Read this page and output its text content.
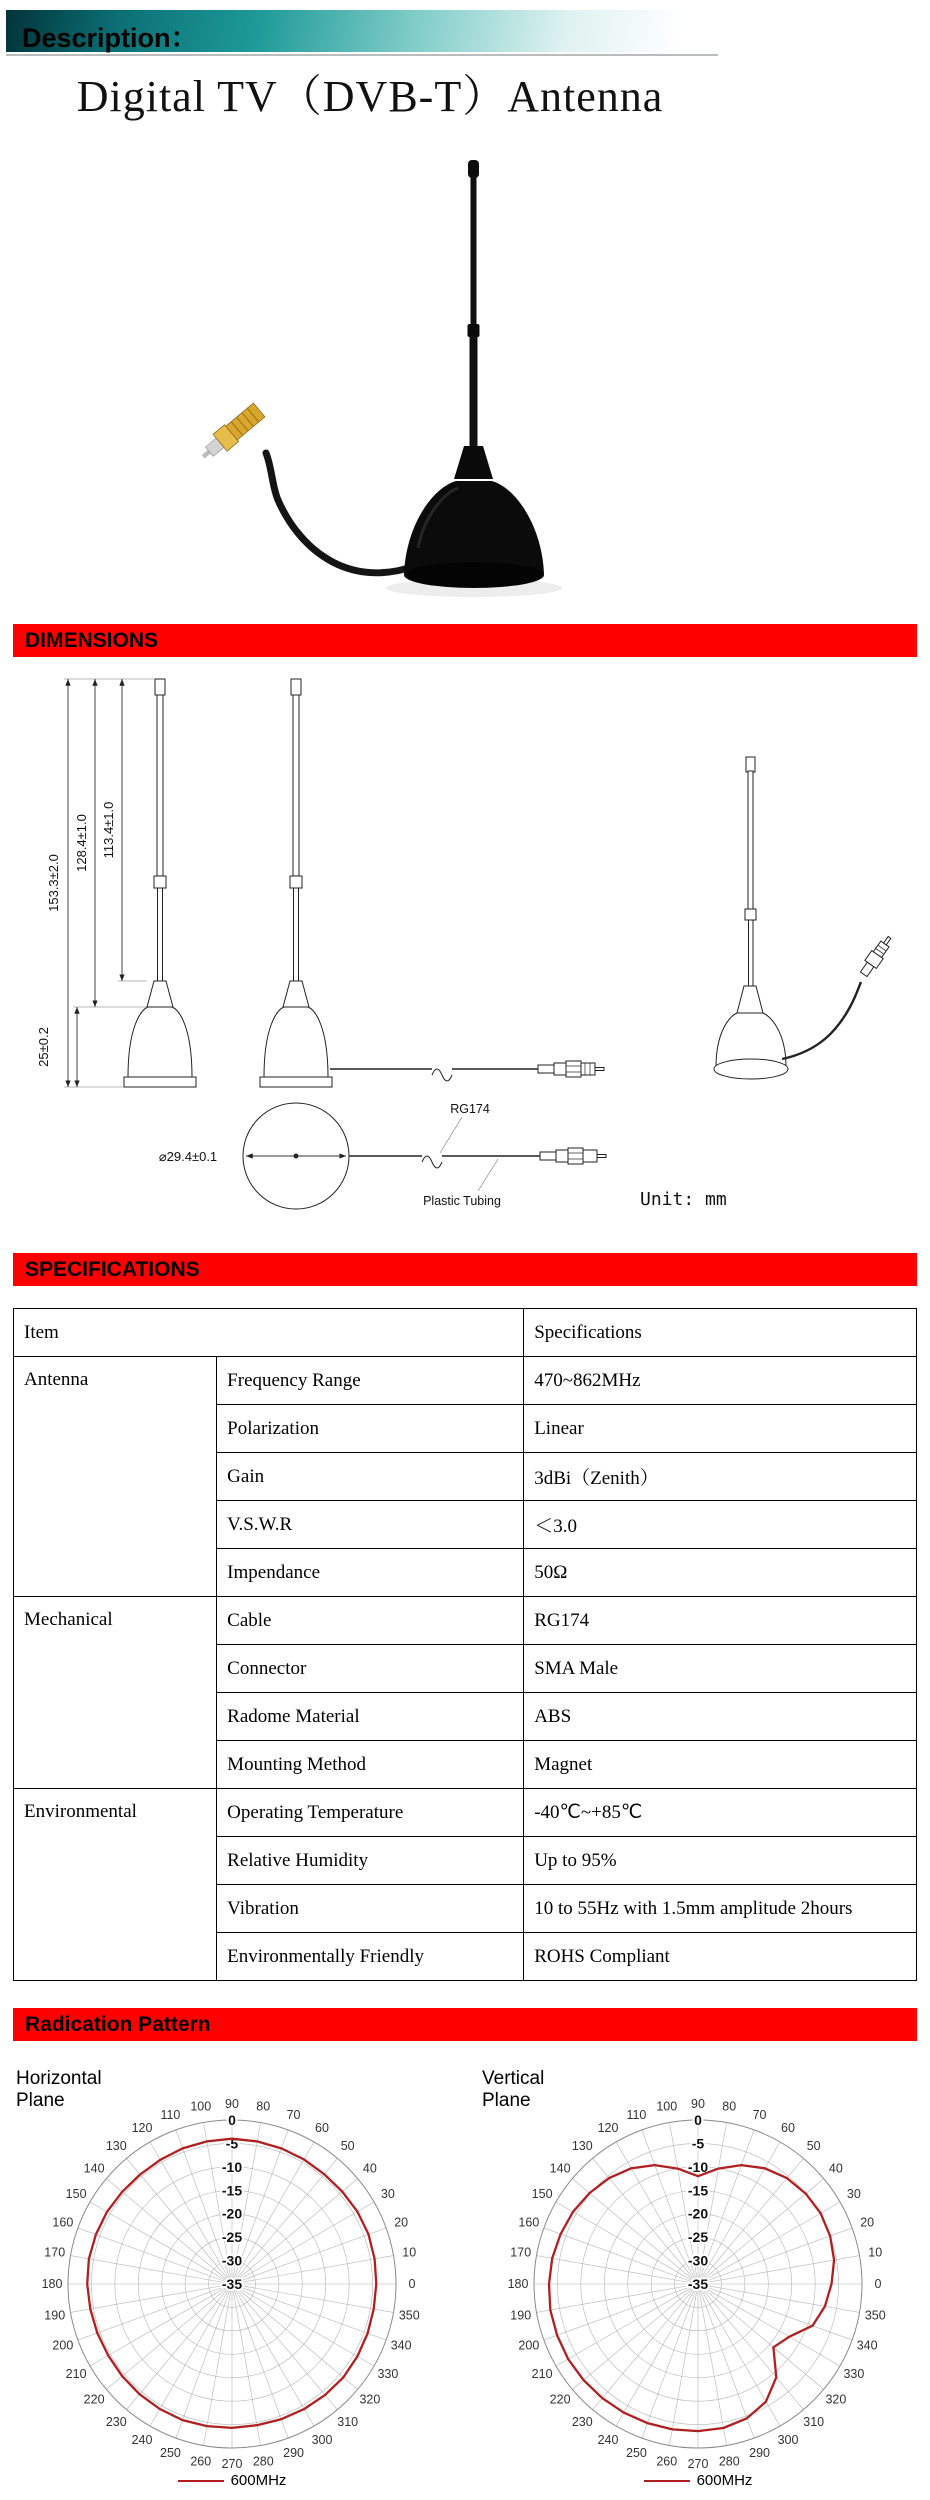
Description：
Digital TV（DVB-T）Antenna
DIMENSIONS
153.3±2.0
128.4±1.0 113.4±1.0
25±0.2
⌀29.4±0.1
RG174
Plastic Tubing	Unit: mm
SPECIFICATIONS
Item		Specifications
Antenna	Frequency Range	470~862MHz
	Polarization	Linear
	Gain	3dBi（Zenith）
	V.S.W.R	＜3.0
	Impendance	50Ω
Mechanical	Cable	RG174
	Connector	SMA Male
	Radome Material	ABS
	Mounting Method	Magnet
Environmental	Operating Temperature	-40℃~+85℃
	Relative Humidity	Up to 95%
	Vibration	10 to 55Hz with 1.5mm amplitude 2hours
	Environmentally Friendly	ROHS Compliant
Radication Pattern
0
10
20
30
40
50
60
70
80
90
100
110
120
130
140
150
160
170
180
190
200
210
220
230
240
250
260 270 280
290
300
310
320
330
340
350
0
-5
-10
-15
-20
-25
-30
-35
Horizontal
Plane
600MHz
0
10
20
30
40
50
60
70
80
90
100
110
120
130
140
150
160
170
180
190
200
210
220
230
240
250
260 270 280
290
300
310
320
330
340
350
0
-5
-10
-15
-20
-25
-30
-35
Vertical
Plane
600MHz
